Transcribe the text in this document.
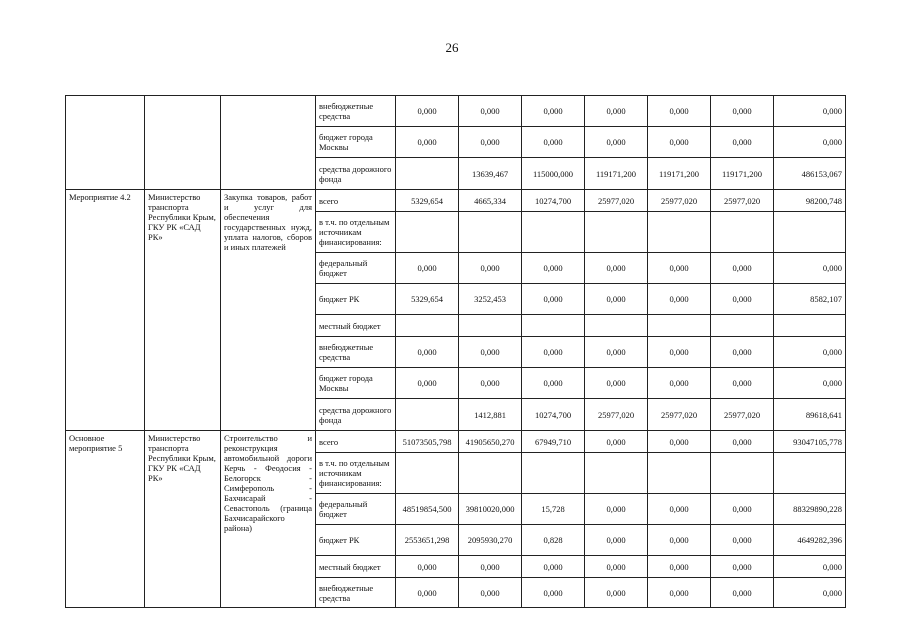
26
			внебюджетные средства	0,000	0,000	0,000	0,000	0,000	0,000	0,000
			бюджет города Москвы	0,000	0,000	0,000	0,000	0,000	0,000	0,000
			средства дорожного фонда		13639,467	115000,000	119171,200	119171,200	119171,200	486153,067
Мероприятие 4.2	Министерство транспорта Республики Крым, ГКУ РК «САД РК»	Закупка товаров, работ и услуг для обеспечения государственных нужд, уплата налогов, сборов и иных платежей	всего	5329,654	4665,334	10274,700	25977,020	25977,020	25977,020	98200,748
			в т.ч. по отдельным источникам финансирования:							
			федеральный бюджет	0,000	0,000	0,000	0,000	0,000	0,000	0,000
			бюджет РК	5329,654	3252,453	0,000	0,000	0,000	0,000	8582,107
			местный бюджет							
			внебюджетные средства	0,000	0,000	0,000	0,000	0,000	0,000	0,000
			бюджет города Москвы	0,000	0,000	0,000	0,000	0,000	0,000	0,000
			средства дорожного фонда		1412,881	10274,700	25977,020	25977,020	25977,020	89618,641
Основное мероприятие 5	Министерство транспорта Республики Крым, ГКУ РК «САД РК»	Строительство и реконструкция автомобильной дороги Керчь - Феодосия - Белогорск - Симферополь - Бахчисарай - Севастополь (граница Бахчисарайского района)	всего	51073505,798	41905650,270	67949,710	0,000	0,000	0,000	93047105,778
			в т.ч. по отдельным источникам финансирования:							
			федеральный бюджет	48519854,500	39810020,000	15,728	0,000	0,000	0,000	88329890,228
			бюджет РК	2553651,298	2095930,270	0,828	0,000	0,000	0,000	4649282,396
			местный бюджет	0,000	0,000	0,000	0,000	0,000	0,000	0,000
			внебюджетные средства	0,000	0,000	0,000	0,000	0,000	0,000	0,000
